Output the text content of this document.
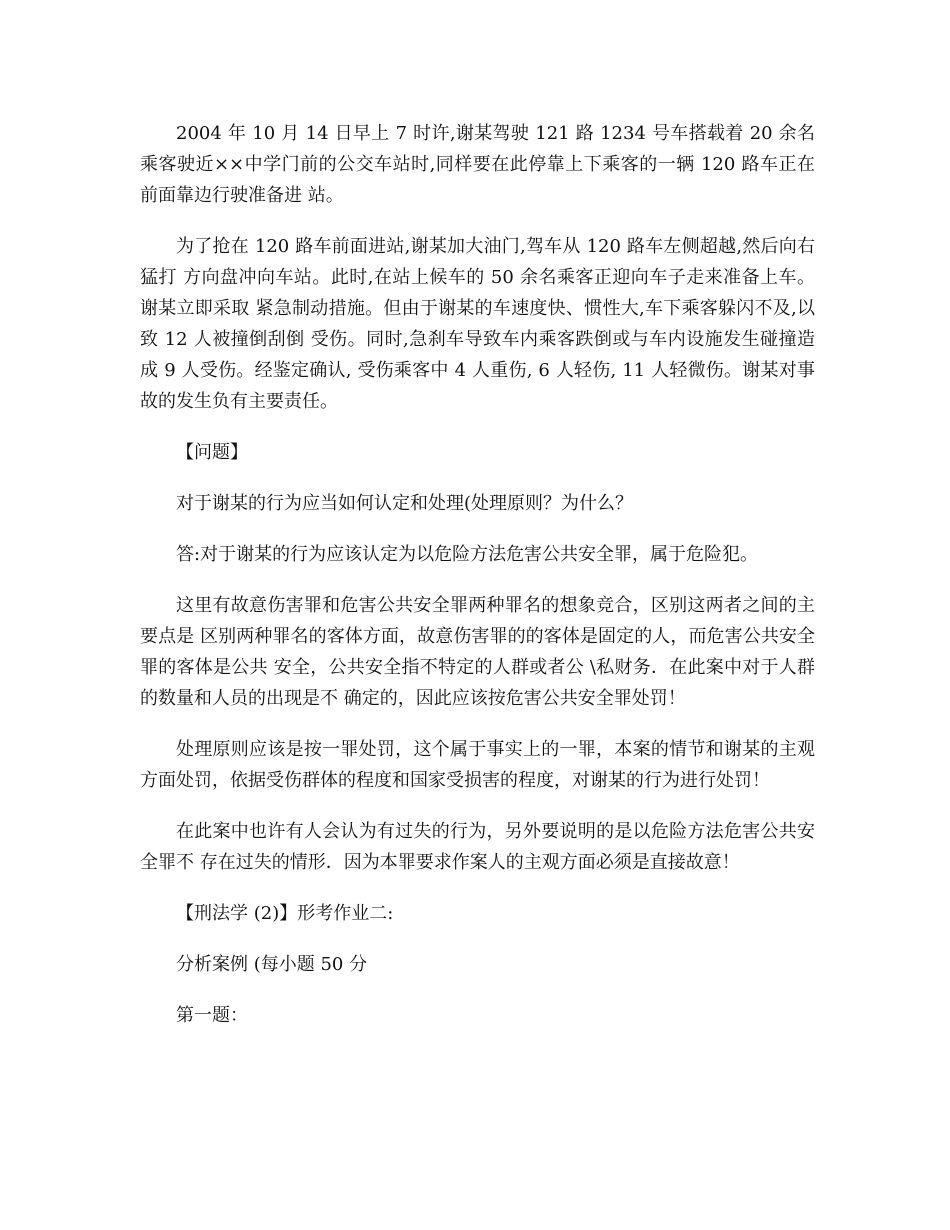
2004 年 10 月 14 日早上 7 时许,谢某驾驶 121 路 1234 号车搭载着 20 余名乘客驶近××中学门前的公交车站时,同样要在此停靠上下乘客的一辆 120 路车正在前面靠边行驶准备进 站。

为了抢在 120 路车前面进站,谢某加大油门,驾车从 120 路车左侧超越,然后向右猛打 方向盘冲向车站。此时,在站上候车的 50 余名乘客正迎向车子走来准备上车。谢某立即采取 紧急制动措施。但由于谢某的车速度快、惯性大,车下乘客躲闪不及,以致 12 人被撞倒刮倒 受伤。同时,急刹车导致车内乘客跌倒或与车内设施发生碰撞造成 9 人受伤。经鉴定确认, 受伤乘客中 4 人重伤, 6 人轻伤, 11 人轻微伤。谢某对事故的发生负有主要责任。

【问题】

对于谢某的行为应当如何认定和处理(处理原则？为什么？

答:对于谢某的行为应该认定为以危险方法危害公共安全罪，属于危险犯。

这里有故意伤害罪和危害公共安全罪两种罪名的想象竞合，区别这两者之间的主要点是 区别两种罪名的客体方面，故意伤害罪的的客体是固定的人，而危害公共安全罪的客体是公共 安全，公共安全指不特定的人群或者公 \私财务．在此案中对于人群的数量和人员的出现是不 确定的，因此应该按危害公共安全罪处罚！

处理原则应该是按一罪处罚，这个属于事实上的一罪，本案的情节和谢某的主观方面处罚，依据受伤群体的程度和国家受损害的程度，对谢某的行为进行处罚！

在此案中也许有人会认为有过失的行为，另外要说明的是以危险方法危害公共安全罪不 存在过失的情形．因为本罪要求作案人的主观方面必须是直接故意！

【刑法学 (2)】形考作业二:

分析案例 (每小题 50 分

第一题：
